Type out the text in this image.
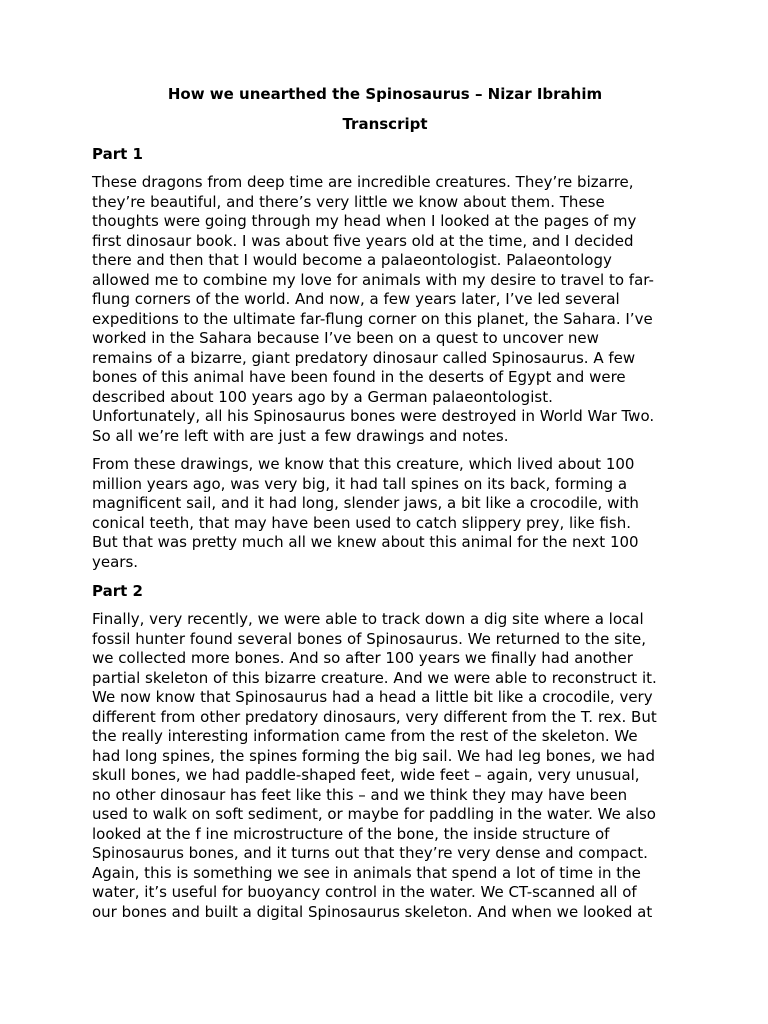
How we unearthed the Spinosaurus – Nizar Ibrahim
Transcript
Part 1
These dragons from deep time are incredible creatures. They’re bizarre,
they’re beautiful, and there’s very little we know about them. These
thoughts were going through my head when I looked at the pages of my
first dinosaur book. I was about five years old at the time, and I decided
there and then that I would become a palaeontologist. Palaeontology
allowed me to combine my love for animals with my desire to travel to far-
flung corners of the world. And now, a few years later, I’ve led several
expeditions to the ultimate far-flung corner on this planet, the Sahara. I’ve
worked in the Sahara because I’ve been on a quest to uncover new
remains of a bizarre, giant predatory dinosaur called Spinosaurus. A few
bones of this animal have been found in the deserts of Egypt and were
described about 100 years ago by a German palaeontologist.
Unfortunately, all his Spinosaurus bones were destroyed in World War Two.
So all we’re left with are just a few drawings and notes.
From these drawings, we know that this creature, which lived about 100
million years ago, was very big, it had tall spines on its back, forming a
magnificent sail, and it had long, slender jaws, a bit like a crocodile, with
conical teeth, that may have been used to catch slippery prey, like fish.
But that was pretty much all we knew about this animal for the next 100
years.
Part 2
Finally, very recently, we were able to track down a dig site where a local
fossil hunter found several bones of Spinosaurus. We returned to the site,
we collected more bones. And so after 100 years we finally had another
partial skeleton of this bizarre creature. And we were able to reconstruct it.
We now know that Spinosaurus had a head a little bit like a crocodile, very
different from other predatory dinosaurs, very different from the T. rex. But
the really interesting information came from the rest of the skeleton. We
had long spines, the spines forming the big sail. We had leg bones, we had
skull bones, we had paddle-shaped feet, wide feet – again, very unusual,
no other dinosaur has feet like this – and we think they may have been
used to walk on soft sediment, or maybe for paddling in the water. We also
looked at the f ine microstructure of the bone, the inside structure of
Spinosaurus bones, and it turns out that they’re very dense and compact.
Again, this is something we see in animals that spend a lot of time in the
water, it’s useful for buoyancy control in the water. We CT-scanned all of
our bones and built a digital Spinosaurus skeleton. And when we looked at
